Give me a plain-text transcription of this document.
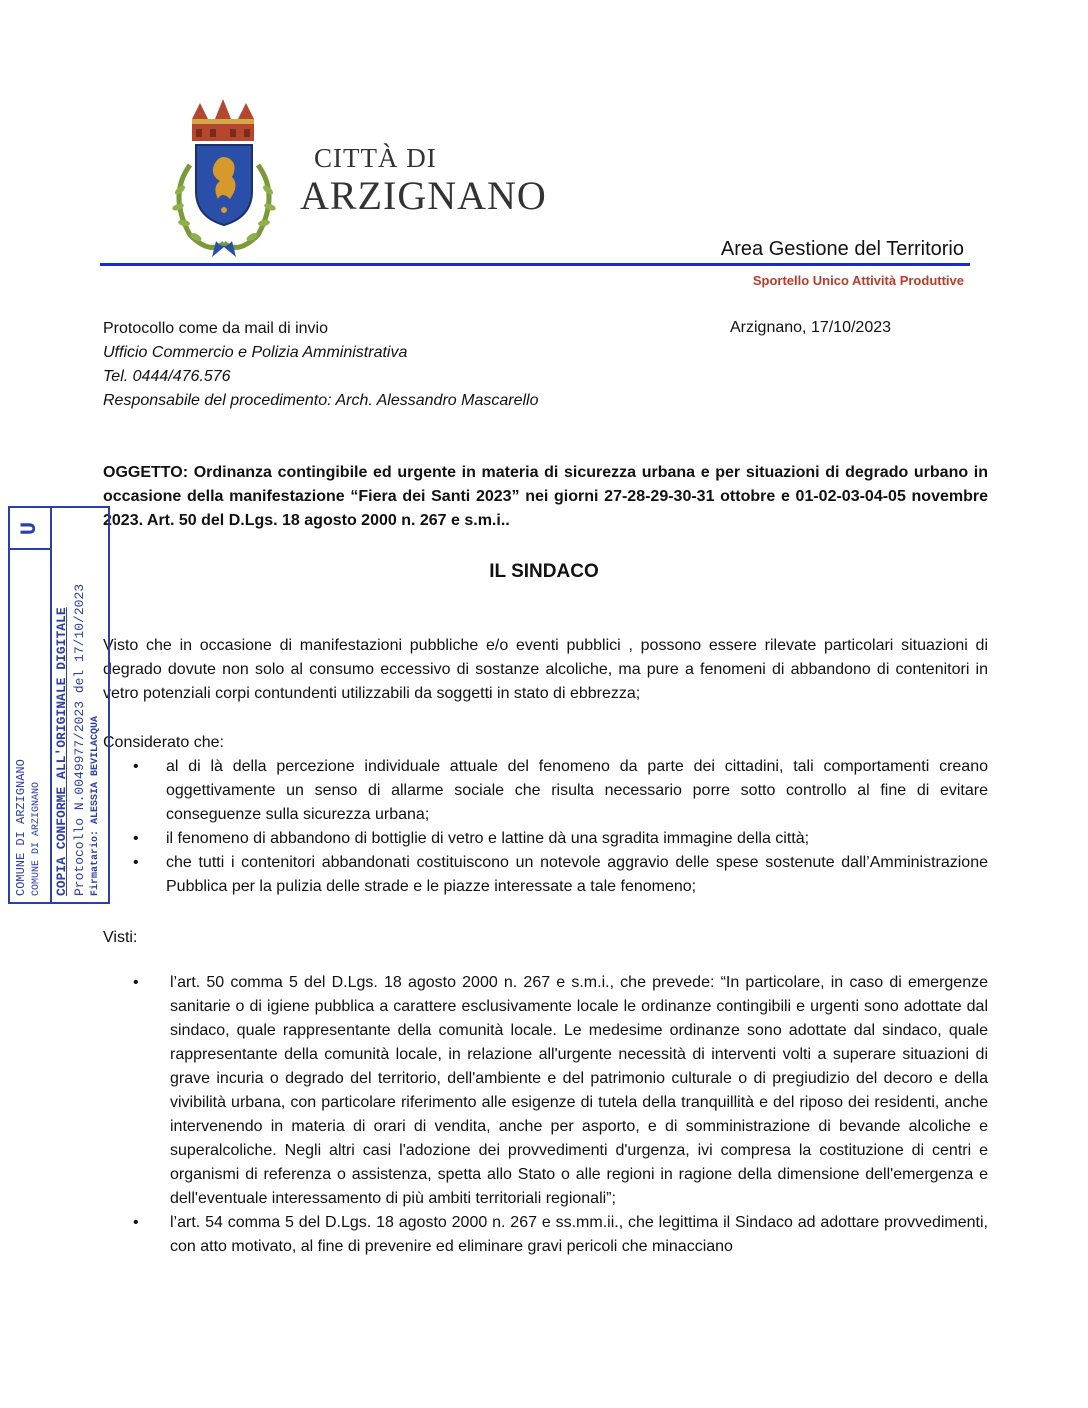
CITTÀ DI
ARZIGNANO
Area Gestione del Territorio
Sportello Unico Attività Produttive
Protocollo come da mail di invio
Ufficio Commercio e Polizia Amministrativa
Tel. 0444/476.576
Responsabile del procedimento: Arch. Alessandro Mascarello
Arzignano, 17/10/2023
OGGETTO: Ordinanza contingibile ed urgente in materia di sicurezza urbana e per situazioni di degrado urbano in occasione della manifestazione “Fiera dei Santi 2023” nei giorni 27-28-29-30-31 ottobre e 01-02-03-04-05 novembre 2023. Art. 50 del D.Lgs. 18 agosto 2000 n. 267 e s.m.i..
IL SINDACO
Visto che in occasione di manifestazioni pubbliche e/o eventi pubblici , possono essere rilevate particolari situazioni di degrado dovute non solo al consumo eccessivo di sostanze alcoliche, ma pure a fenomeni di abbandono di contenitori in vetro potenziali corpi contundenti utilizzabili da soggetti in stato di ebbrezza;
Considerato che:
• al di là della percezione individuale attuale del fenomeno da parte dei cittadini, tali comportamenti creano oggettivamente un senso di allarme sociale che risulta necessario porre sotto controllo al fine di evitare conseguenze sulla sicurezza urbana;
• il fenomeno di abbandono di bottiglie di vetro e lattine dà una sgradita immagine della città;
• che tutti i contenitori abbandonati costituiscono un notevole aggravio delle spese sostenute dall’Amministrazione Pubblica per la pulizia delle strade e le piazze interessate a tale fenomeno;
Visti:
• l’art. 50 comma 5 del D.Lgs. 18 agosto 2000 n. 267 e s.m.i., che prevede: “In particolare, in caso di emergenze sanitarie o di igiene pubblica a carattere esclusivamente locale le ordinanze contingibili e urgenti sono adottate dal sindaco, quale rappresentante della comunità locale. Le medesime ordinanze sono adottate dal sindaco, quale rappresentante della comunità locale, in relazione all'urgente necessità di interventi volti a superare situazioni di grave incuria o degrado del territorio, dell'ambiente e del patrimonio culturale o di pregiudizio del decoro e della vivibilità urbana, con particolare riferimento alle esigenze di tutela della tranquillità e del riposo dei residenti, anche intervenendo in materia di orari di vendita, anche per asporto, e di somministrazione di bevande alcoliche e superalcoliche. Negli altri casi l'adozione dei provvedimenti d'urgenza, ivi compresa la costituzione di centri e organismi di referenza o assistenza, spetta allo Stato o alle regioni in ragione della dimensione dell'emergenza e dell'eventuale interessamento di più ambiti territoriali regionali”;
• l’art. 54 comma 5 del D.Lgs. 18 agosto 2000 n. 267 e ss.mm.ii., che legittima il Sindaco ad adottare provvedimenti, con atto motivato, al fine di prevenire ed eliminare gravi pericoli che minacciano
COMUNE DI ARZIGNANO COMUNE DI ARZIGNANO
U
COPIA CONFORME ALL'ORIGINALE DIGITALE Protocollo N.0049977/2023 del 17/10/2023 Firmatario: ALESSIA BEVILACQUA
